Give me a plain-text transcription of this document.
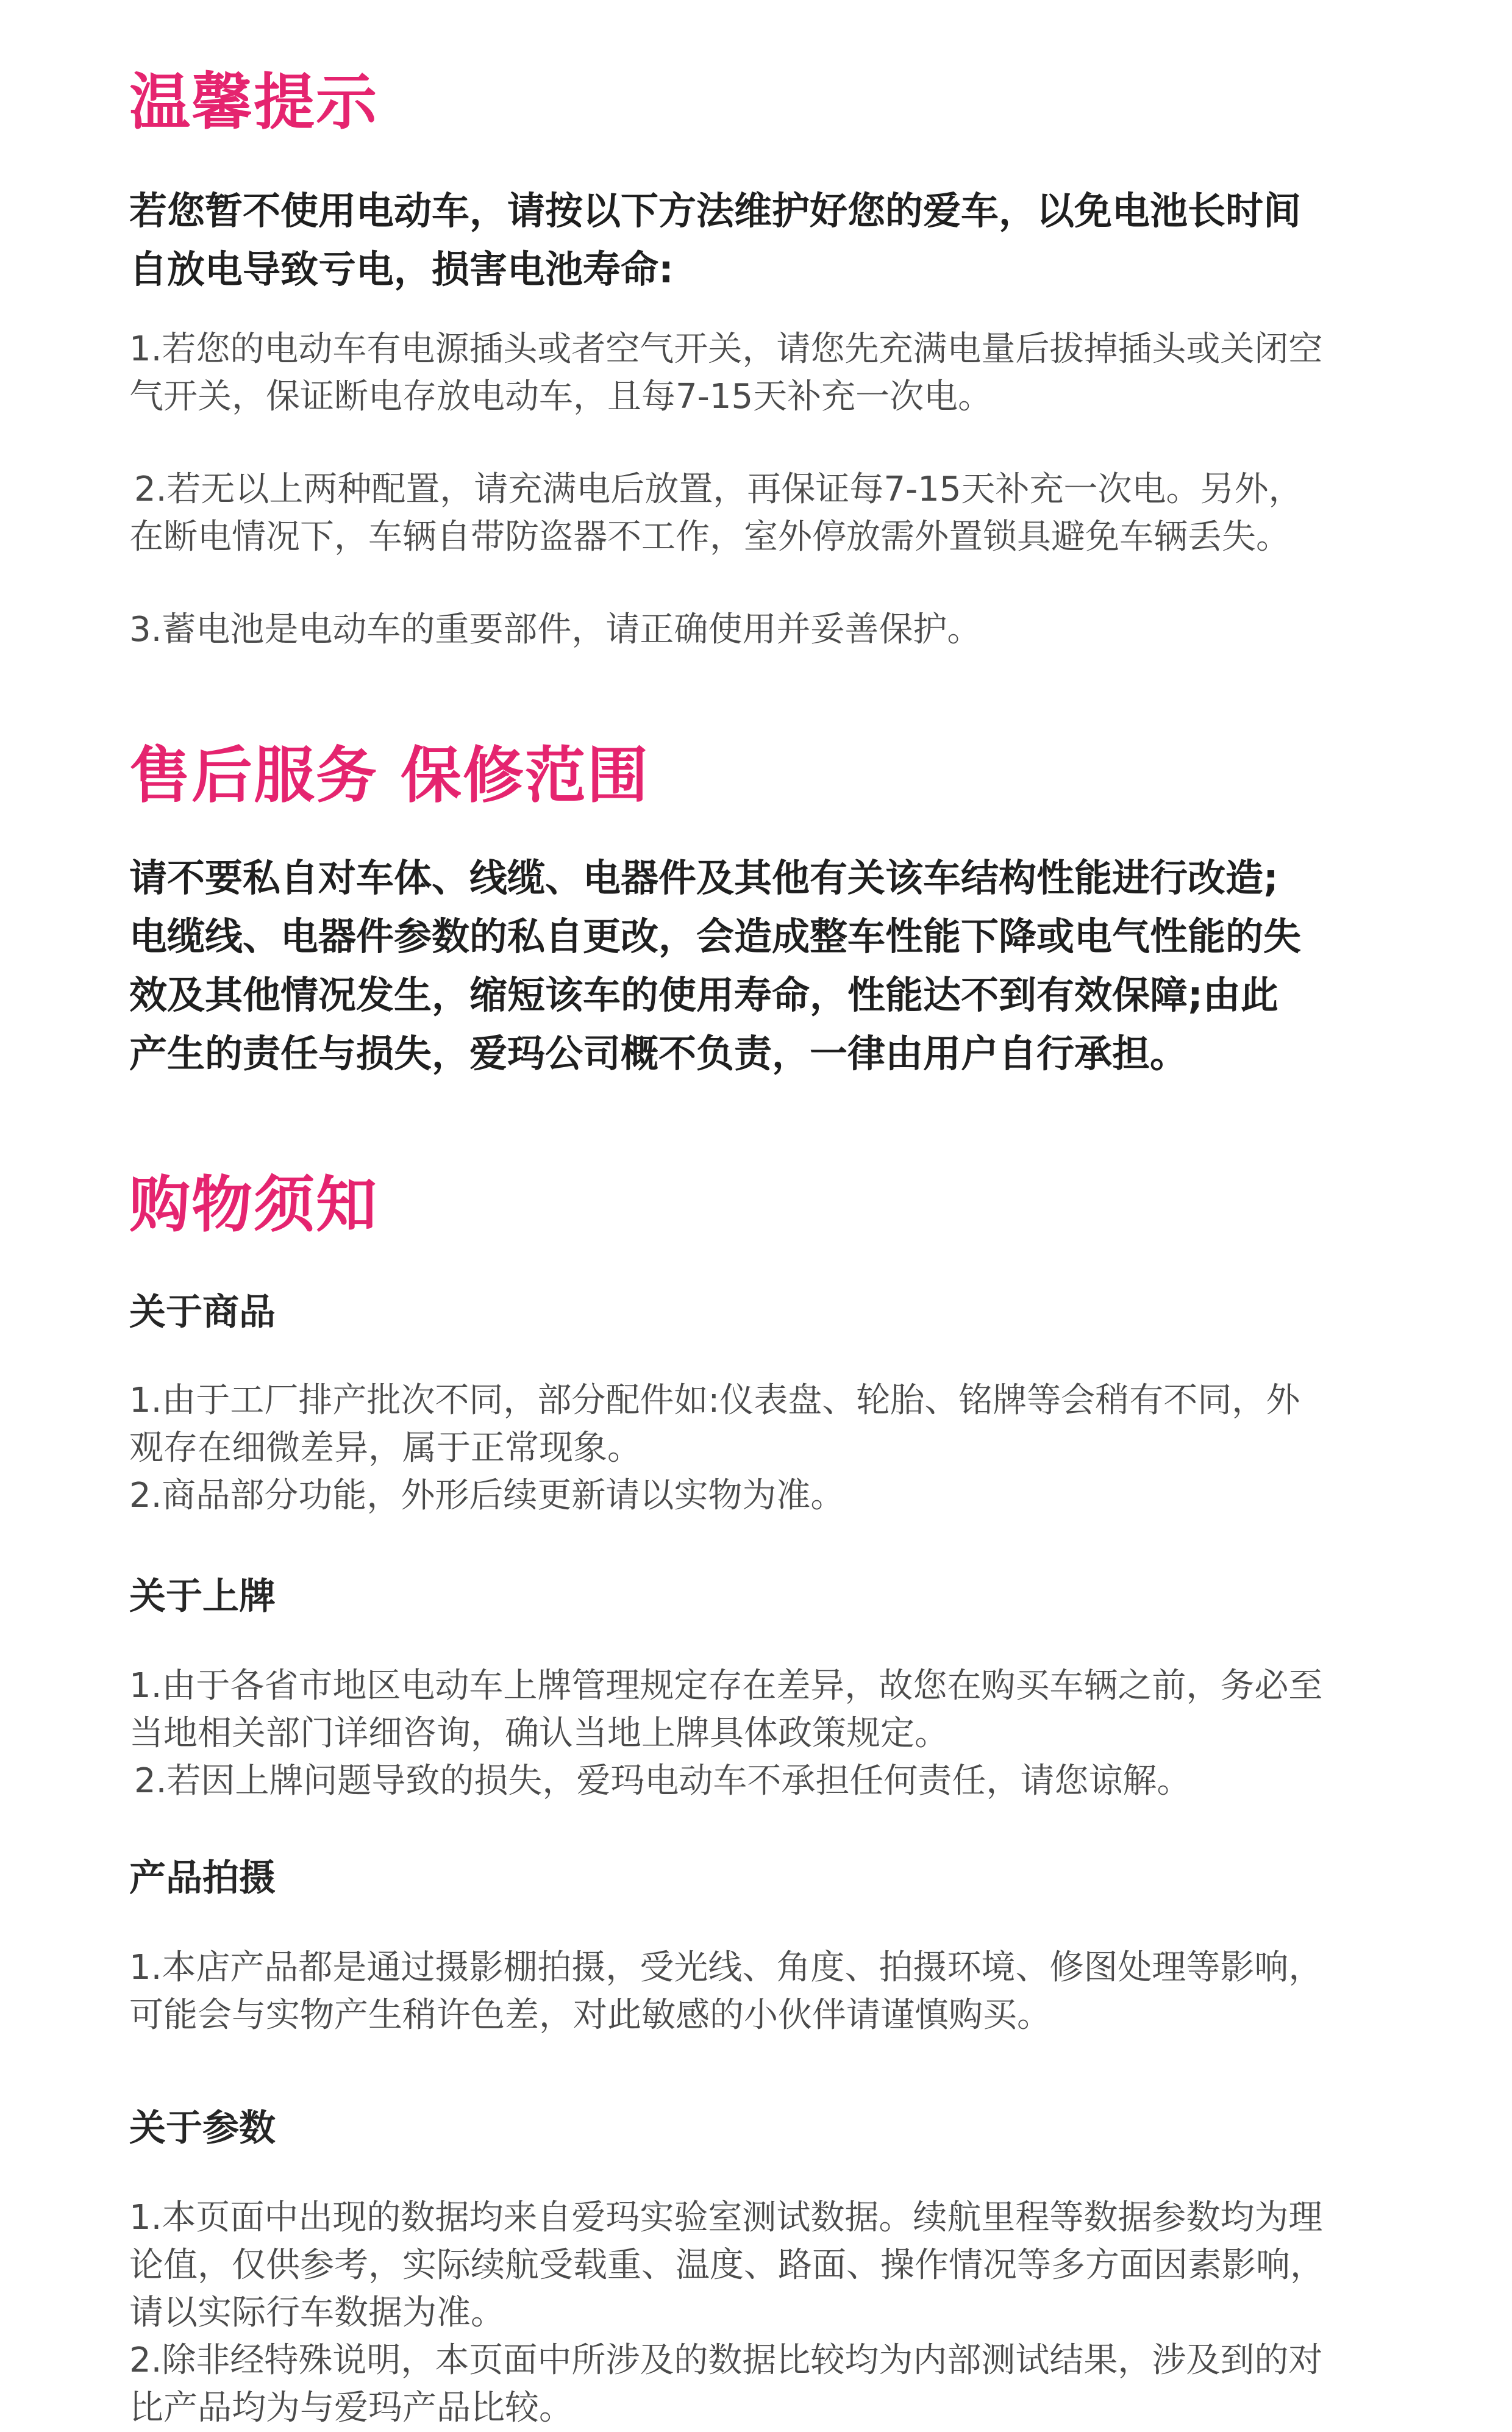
温馨提示

若您暂不使用电动车，请按以下方法维护好您的爱车，以免电池长时间
自放电导致亏电，损害电池寿命:

1.若您的电动车有电源插头或者空气开关，请您先充满电量后拔掉插头或关闭空
气开关，保证断电存放电动车，且每7-15天补充一次电。

2.若无以上两种配置，请充满电后放置，再保证每7-15天补充一次电。另外，
在断电情况下，车辆自带防盗器不工作，室外停放需外置锁具避免车辆丢失。

3.蓄电池是电动车的重要部件，请正确使用并妥善保护。

售后服务 保修范围

请不要私自对车体、线缆、电器件及其他有关该车结构性能进行改造;
电缆线、电器件参数的私自更改，会造成整车性能下降或电气性能的失
效及其他情况发生，缩短该车的使用寿命，性能达不到有效保障;由此
产生的责任与损失，爱玛公司概不负责，一律由用户自行承担。

购物须知
关于商品

1.由于工厂排产批次不同，部分配件如:仪表盘、轮胎、铭牌等会稍有不同，外
观存在细微差异，属于正常现象。
2.商品部分功能，外形后续更新请以实物为准。

关于上牌

1.由于各省市地区电动车上牌管理规定存在差异，故您在购买车辆之前，务必至
当地相关部门详细咨询，确认当地上牌具体政策规定。
2.若因上牌问题导致的损失，爱玛电动车不承担任何责任，请您谅解。

产品拍摄

1.本店产品都是通过摄影棚拍摄，受光线、角度、拍摄环境、修图处理等影响，
可能会与实物产生稍许色差，对此敏感的小伙伴请谨慎购买。

关于参数

1.本页面中出现的数据均来自爱玛实验室测试数据。续航里程等数据参数均为理
论值，仅供参考，实际续航受载重、温度、路面、操作情况等多方面因素影响，
请以实际行车数据为准。
2.除非经特殊说明，本页面中所涉及的数据比较均为内部测试结果，涉及到的对
比产品均为与爱玛产品比较。
